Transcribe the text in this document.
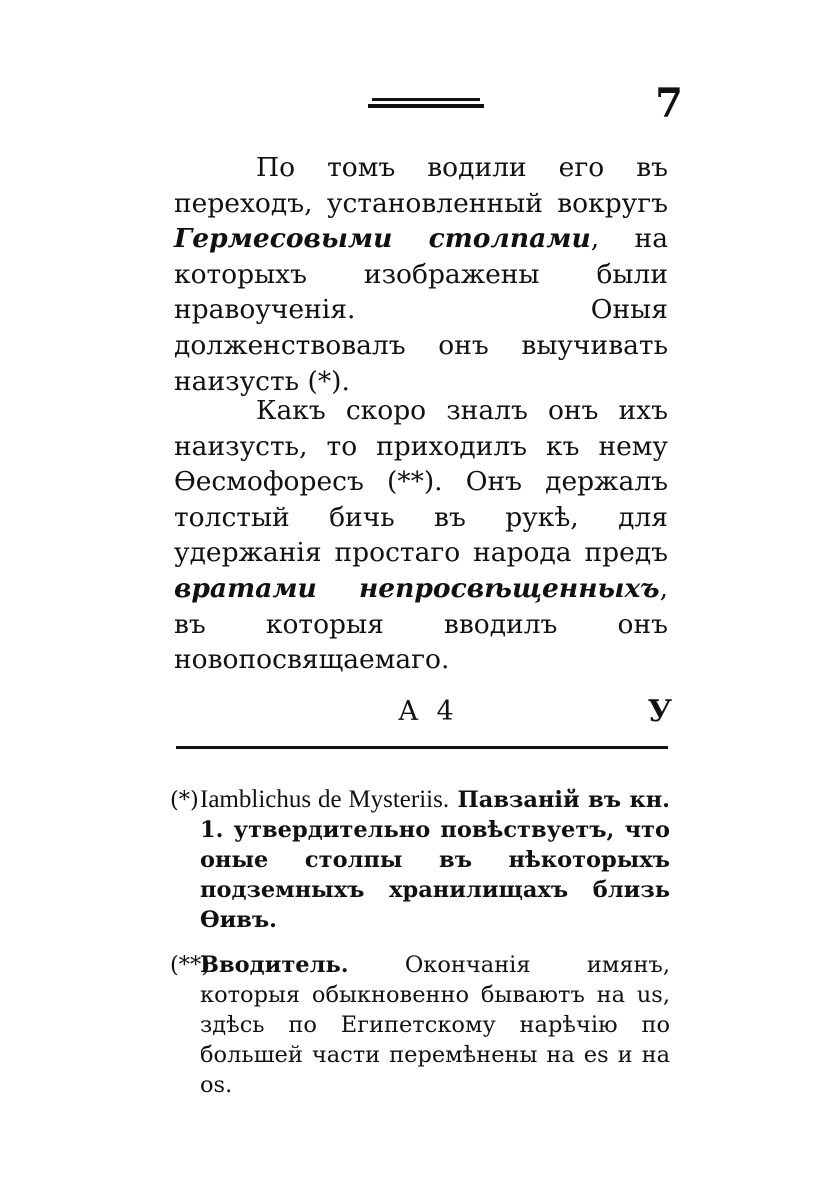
7
По томъ водили его въ переходъ, установленный вокругъ Гермесовыми столпами, на которыхъ изображены были нравоученія. Оныя долженствовалъ онъ выучивать наизусть (*).
Какъ скоро зналъ онъ ихъ наизусть, то приходилъ къ нему Ѳесмофоресъ (**). Онъ держалъ толстый бичь въ рукѣ, для удержанія простаго народа предъ вратами непросвѣщенныхъ, въ которыя вводилъ онъ новопосвящаемаго.
А 4	У
(*)Iamblichus de Mysteriis. Павзаній въ кн. 1. утвердительно повѣствуетъ, что оные столпы въ нѣкоторыхъ подземныхъ хранилищахъ близь Ѳивъ.
(**)Вводитель. Окончанія имянъ, которыя обыкновенно бываютъ на us, здѣсь по Египетскому нарѣчію по большей части перемѣнены на es и на os.
